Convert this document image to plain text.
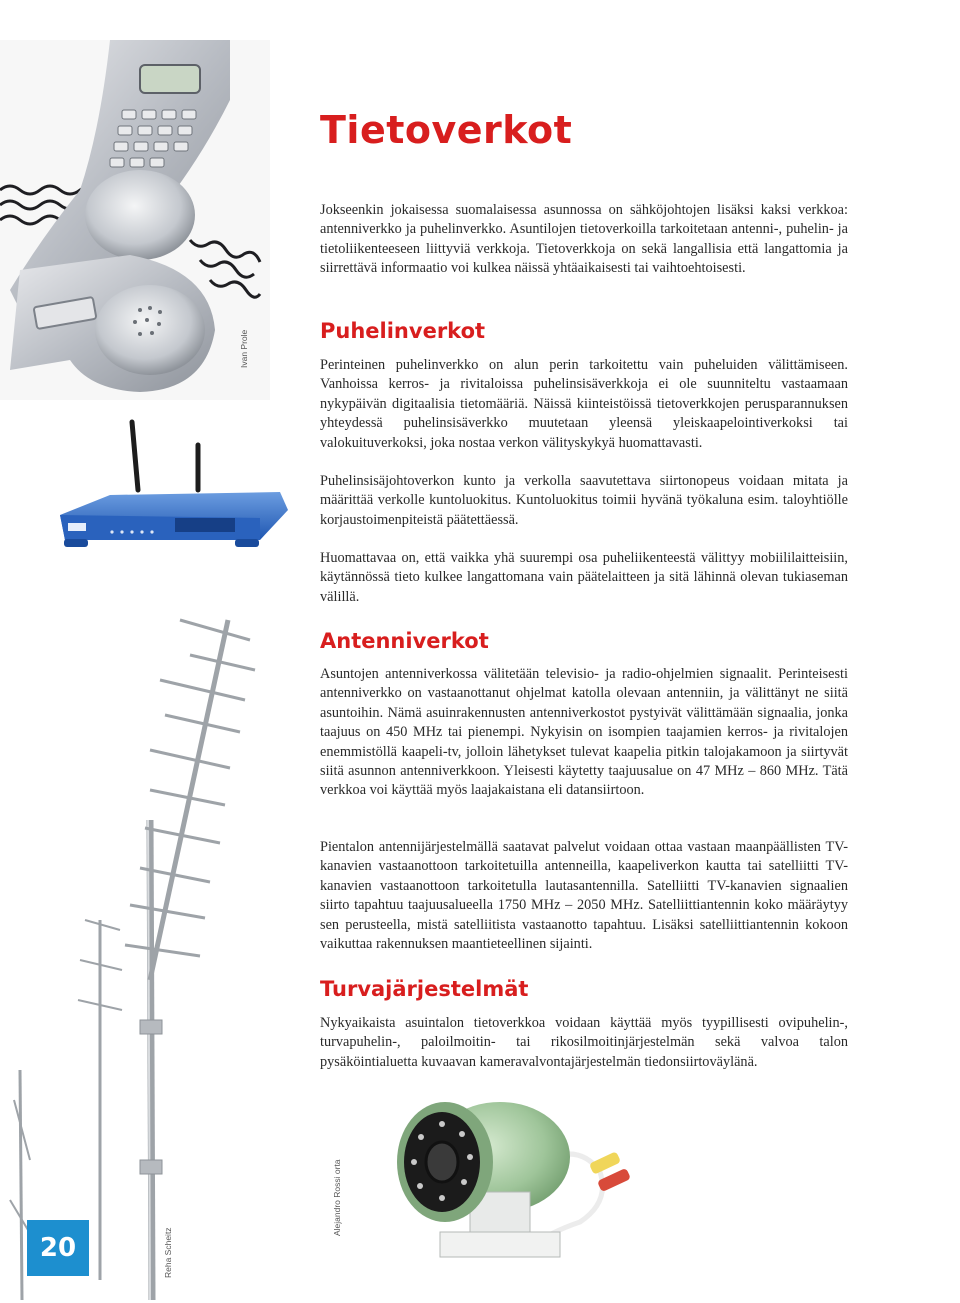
Ivan Prole
Reha Scheitz
Alejandro Rossi orta
Tietoverkot

Jokseenkin jokaisessa suomalaisessa asunnossa on sähköjohtojen lisäksi kaksi verkkoa: antenniverkko ja puhelinverkko. Asuntilojen tietoverkoilla tarkoitetaan antenni-, puhelin- ja tietoliikenteeseen liittyviä verkkoja. Tietoverkkoja on sekä langallisia että langattomia ja siirrettävä informaatio voi kulkea näissä yhtäaikaisesti tai vaihtoehtoisesti.

Puhelinverkot

Perinteinen puhelinverkko on alun perin tarkoitettu vain puheluiden välittämiseen. Vanhoissa kerros- ja rivitaloissa puhelinsisäverkkoja ei ole suunniteltu vastaamaan nykypäivän digitaalisia tietomääriä. Näissä kiinteistöissä tietoverkkojen perusparannuksen yhteydessä puhelinsisäverkko muutetaan yleensä yleiskaapelointiverkoksi tai valokuituverkoksi, joka nostaa verkon välityskykyä huomattavasti.

Puhelinsisäjohtoverkon kunto ja verkolla saavutettava siirtonopeus voidaan mitata ja määrittää verkolle kuntoluokitus. Kuntoluokitus toimii hyvänä työkaluna esim. taloyhtiölle korjaustoimenpiteistä päätettäessä.

Huomattavaa on, että vaikka yhä suurempi osa puheliikenteestä välittyy mobiililaitteisiin, käytännössä tieto kulkee langattomana vain päätelaitteen ja sitä lähinnä olevan tukiaseman välillä.

Antenniverkot

Asuntojen antenniverkossa välitetään televisio- ja radio-ohjelmien signaalit. Perinteisesti antenniverkko on vastaanottanut ohjelmat katolla olevaan antenniin, ja välittänyt ne siitä asuntoihin. Nämä asuinrakennusten antenniverkostot pystyivät välittämään signaalia, jonka taajuus on 450 MHz tai pienempi. Nykyisin on isompien taajamien kerros- ja rivitalojen enemmistöllä kaapeli-tv, jolloin lähetykset tulevat kaapelia pitkin talojakamoon ja siirtyvät siitä asunnon antenniverkkoon. Yleisesti käytetty taajuusalue on 47 MHz – 860 MHz. Tätä verkkoa voi käyttää myös laajakaistana eli datansiirtoon.

Pientalon antennijärjestelmällä saatavat palvelut voidaan ottaa vastaan maanpäällisten TV-kanavien vastaanottoon tarkoitetuilla antenneilla, kaapeliverkon kautta tai satelliitti TV-kanavien vastaanottoon tarkoitetulla lautasantennilla. Satelliitti TV-kanavien signaalien siirto tapahtuu taajuusalueella 1750 MHz – 2050 MHz. Satelliittiantennin koko määräytyy sen perusteella, mistä satelliitista vastaanotto tapahtuu. Lisäksi satelliittiantennin kokoon vaikuttaa rakennuksen maantieteellinen sijainti.

Turvajärjestelmät

Nykyaikaista asuintalon tietoverkkoa voidaan käyttää myös tyypillisesti ovipuhelin-, turvapuhelin-, paloilmoitin- tai rikosilmoitinjärjestelmän sekä valvoa talon pysäköintialuetta kuvaavan kameravalvontajärjestelmän tiedonsiirtoväylänä.

20
